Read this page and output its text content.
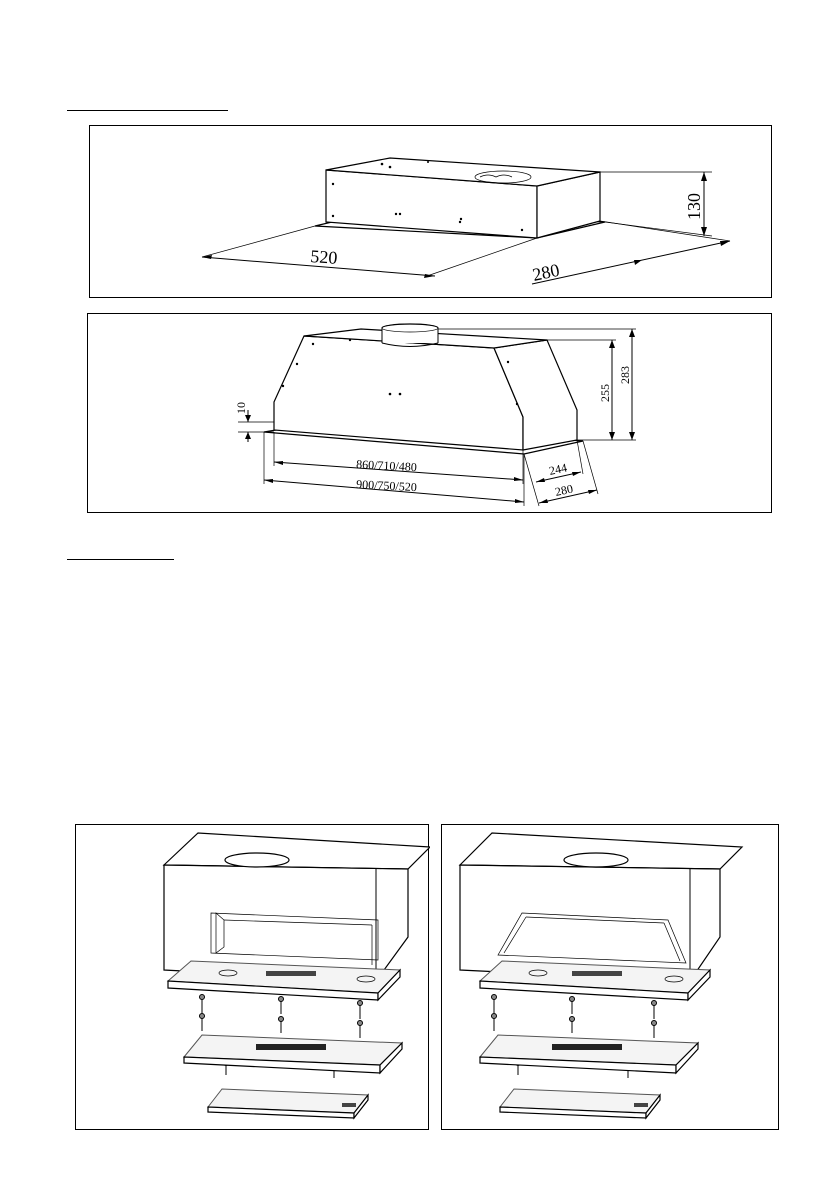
520
280
130
860/710/480
900/750/520
244
280
255
283
10
